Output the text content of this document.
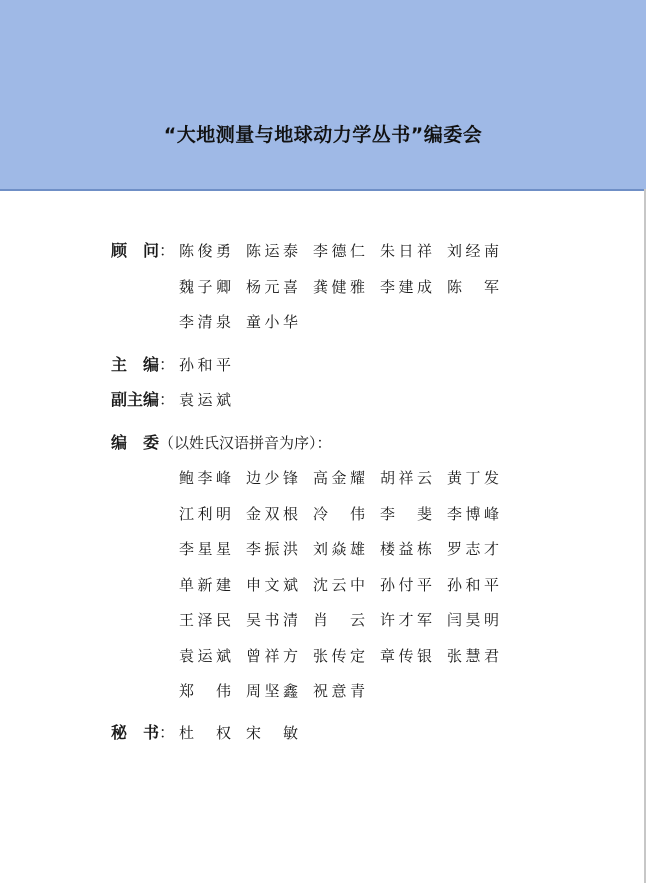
“大地测量与地球动力学丛书”编委会
顾　问： 陈俊勇 陈运泰 李德仁 朱日祥 刘经南
魏子卿 杨元喜 龚健雅 李建成 陈　军
李清泉 童小华
主　编： 孙和平
副主编： 袁运斌
编　委（以姓氏汉语拼音为序）：
鲍李峰 边少锋 高金耀 胡祥云 黄丁发
江利明 金双根 冷　伟 李　斐 李博峰
李星星 李振洪 刘焱雄 楼益栋 罗志才
单新建 申文斌 沈云中 孙付平 孙和平
王泽民 吴书清 肖　云 许才军 闫昊明
袁运斌 曾祥方 张传定 章传银 张慧君
郑　伟 周坚鑫 祝意青
秘　书： 杜　权 宋　敏
